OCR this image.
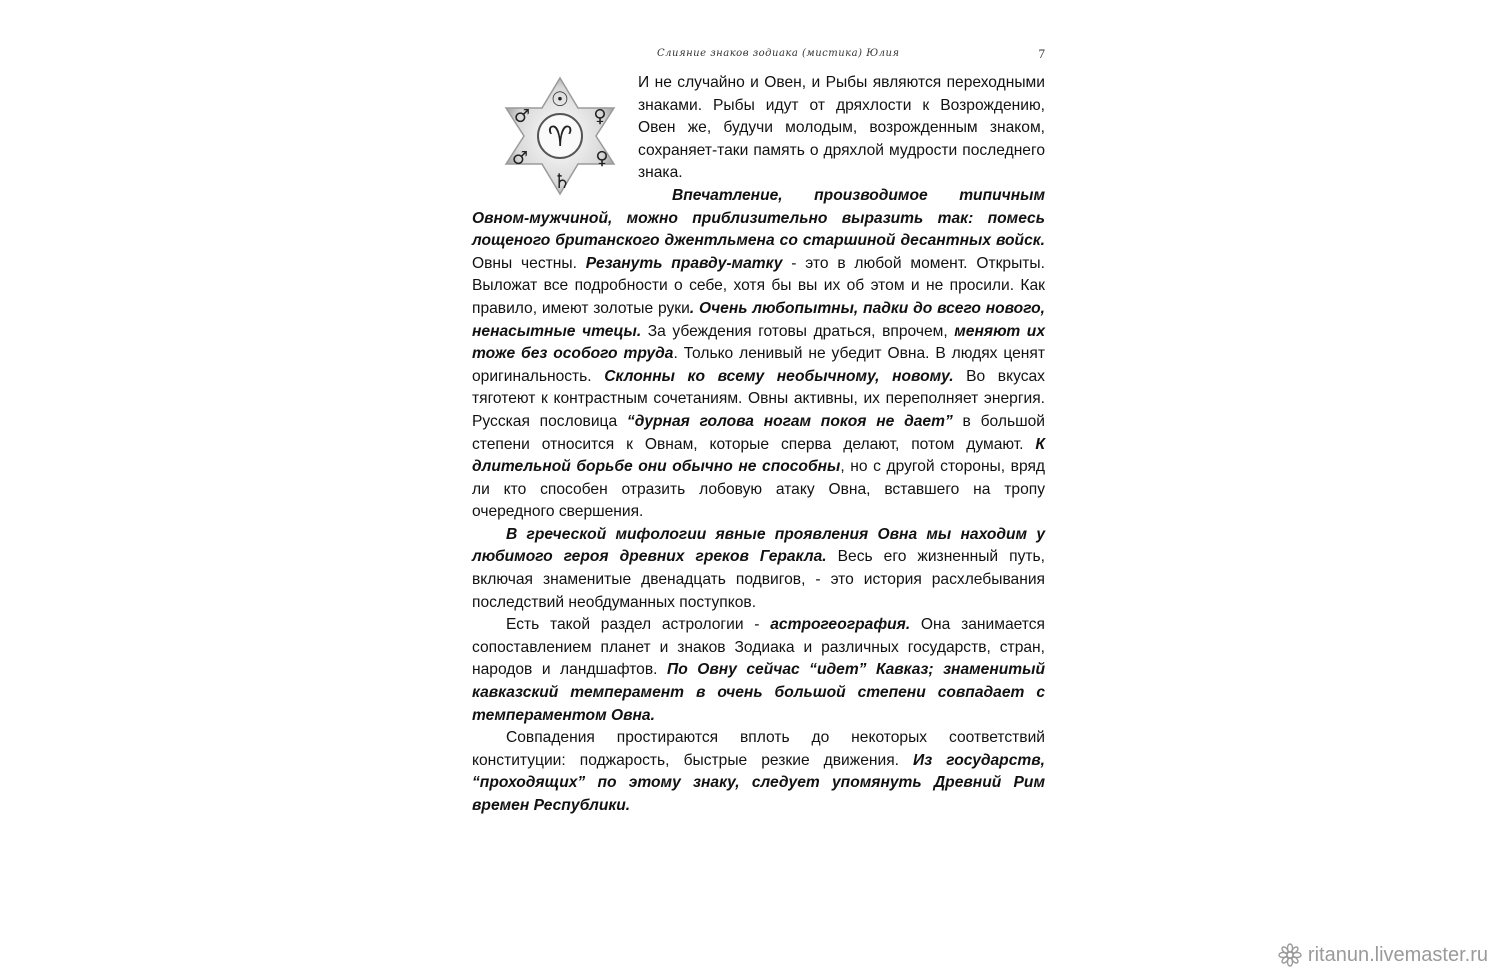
Слияние знаков зодиака (мистика) Юлия	7
♈
☉
♂	♀
♂	♀
♄

И не случайно и Овен, и Рыбы являются переходными знаками. Рыбы идут от дряхлости к Возрождению, Овен же, будучи молодым, возрожденным знаком, сохраняет-таки память о дряхлой мудрости последнего знака.

Впечатление, производимое типичным Овном-мужчиной, можно приблизительно выразить так: помесь лощеного британского джентльмена со старшиной десантных войск. Овны честны. Резануть правду-матку - это в любой момент. Открыты. Выложат все подробности о себе, хотя бы вы их об этом и не просили. Как правило, имеют золотые руки. Очень любопытны, падки до всего нового, ненасытные чтецы. За убеждения готовы драться, впрочем, меняют их тоже без особого труда. Только ленивый не убедит Овна. В людях ценят оригинальность. Склонны ко всему необычному, новому. Во вкусах тяготеют к контрастным сочетаниям. Овны активны, их переполняет энергия. Русская пословица “дурная голова ногам покоя не дает” в большой степени относится к Овнам, которые сперва делают, потом думают. К длительной борьбе они обычно не способны, но с другой стороны, вряд ли кто способен отразить лобовую атаку Овна, вставшего на тропу очередного свершения.

В греческой мифологии явные проявления Овна мы находим у любимого героя древних греков Геракла. Весь его жизненный путь, включая знаменитые двенадцать подвигов, - это история расхлебывания последствий необдуманных поступков.

Есть такой раздел астрологии - астрогеография. Она занимается сопоставлением планет и знаков Зодиака и различных государств, стран, народов и ландшафтов. По Овну сейчас “идет” Кавказ; знаменитый кавказский темперамент в очень большой степени совпадает с темпераментом Овна.

Совпадения простираются вплоть до некоторых соответствий конституции: поджарость, быстрые резкие движения. Из государств, “проходящих” по этому знаку, следует упомянуть Древний Рим времен Республики.

ritanun.livemaster.ru
